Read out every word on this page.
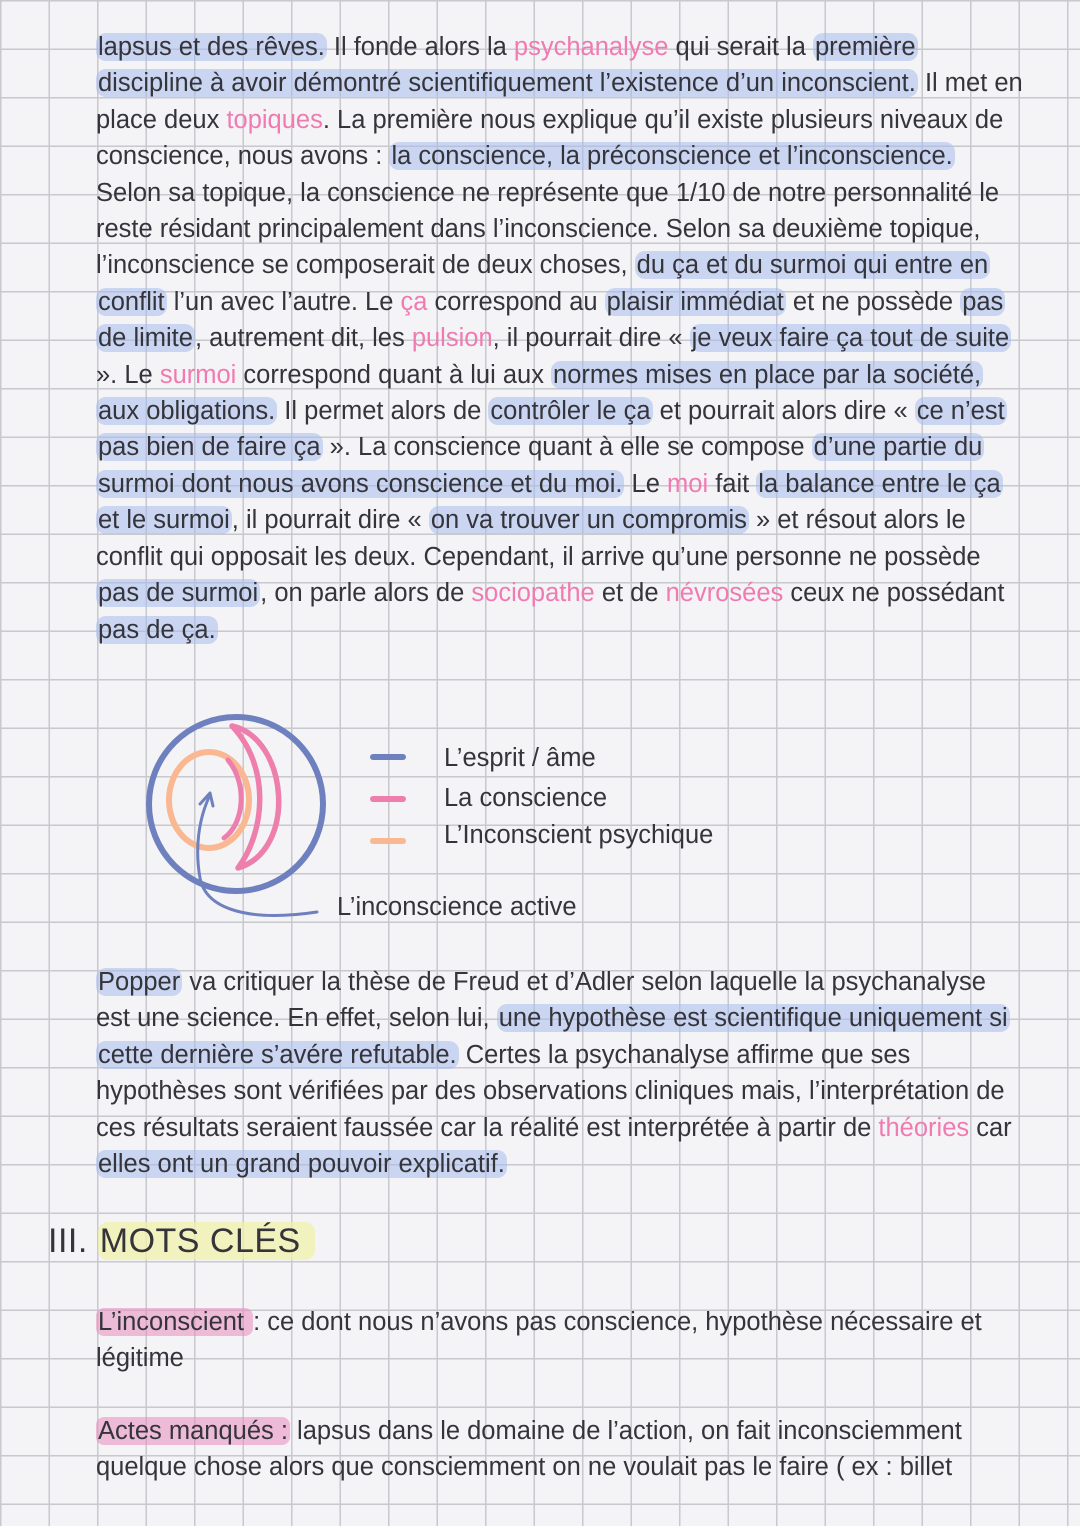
lapsus et des rêves. Il fonde alors la psychanalyse qui serait la première discipline à avoir démontré scientifiquement l’existence d’un inconscient. Il met en place deux topiques. La première nous explique qu’il existe plusieurs niveaux de conscience, nous avons : la conscience, la préconscience et l’inconscience. Selon sa topique, la conscience ne représente que 1/10 de notre personnalité le reste résidant principalement dans l’inconscience. Selon sa deuxième topique, l’inconscience se composerait de deux choses, du ça et du surmoi qui entre en conflit l’un avec l’autre. Le ça correspond au plaisir immédiat et ne possède pas de limite, autrement dit, les pulsion, il pourrait dire « je veux faire ça tout de suite ». Le surmoi correspond quant à lui aux normes mises en place par la société, aux obligations. Il permet alors de contrôler le ça et pourrait alors dire « ce n’est pas bien de faire ça ». La conscience quant à elle se compose d’une partie du surmoi dont nous avons conscience et du moi. Le moi fait la balance entre le ça et le surmoi, il pourrait dire « on va trouver un compromis » et résout alors le conflit qui opposait les deux. Cependant, il arrive qu’une personne ne possède pas de surmoi, on parle alors de sociopathe et de névrosées ceux ne possédant pas de ça.

L’esprit / âme
La conscience
L’Inconscient psychique
L’inconscience active

Popper va critiquer la thèse de Freud et d’Adler selon laquelle la psychanalyse est une science. En effet, selon lui, une hypothèse est scientifique uniquement si cette dernière s’avére refutable. Certes la psychanalyse affirme que ses hypothèses sont vérifiées par des observations cliniques mais, l’interprétation de ces résultats seraient faussée car la réalité est interprétée à partir de théories car elles ont un grand pouvoir explicatif.

III. MOTS CLÉS

L’inconscient : ce dont nous n’avons pas conscience, hypothèse nécessaire et légitime

Actes manqués : lapsus dans le domaine de l’action, on fait inconsciemment quelque chose alors que consciemment on ne voulait pas le faire ( ex : billet
